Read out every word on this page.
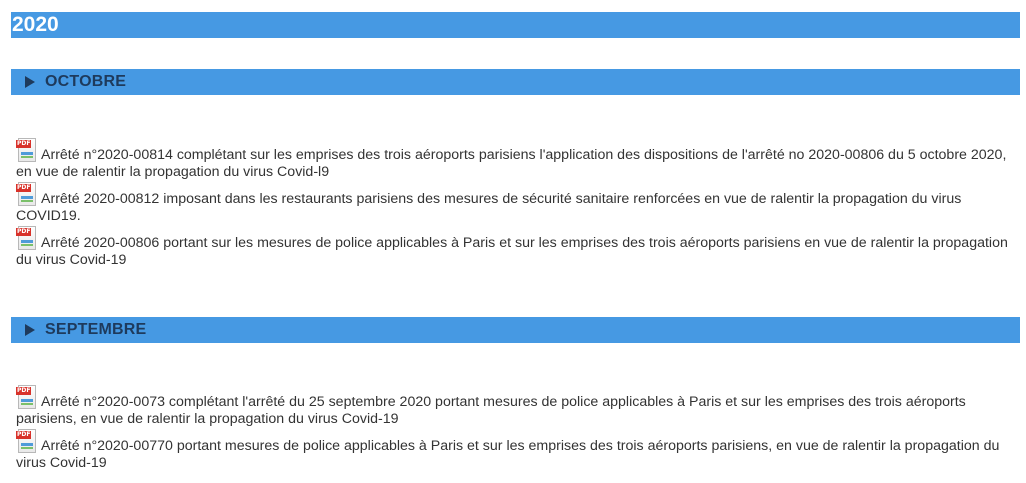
2020
OCTOBRE
PDF
Arrêté n°2020-00814 complétant sur les emprises des trois aéroports parisiens l'application des dispositions de l'arrêté no 2020-00806 du 5 octobre 2020, en vue de ralentir la propagation du virus Covid-l9
PDF
Arrêté 2020-00812 imposant dans les restaurants parisiens des mesures de sécurité sanitaire renforcées en vue de ralentir la propagation du virus COVID19.
PDF
Arrêté 2020-00806 portant sur les mesures de police applicables à Paris et sur les emprises des trois aéroports parisiens en vue de ralentir la propagation du virus Covid-19
SEPTEMBRE
PDF
Arrêté n°2020-0073 complétant l'arrêté du 25 septembre 2020 portant mesures de police applicables à Paris et sur les emprises des trois aéroports parisiens, en vue de ralentir la propagation du virus Covid-19
PDF
Arrêté n°2020-00770 portant mesures de police applicables à Paris et sur les emprises des trois aéroports parisiens, en vue de ralentir la propagation du virus Covid-19
